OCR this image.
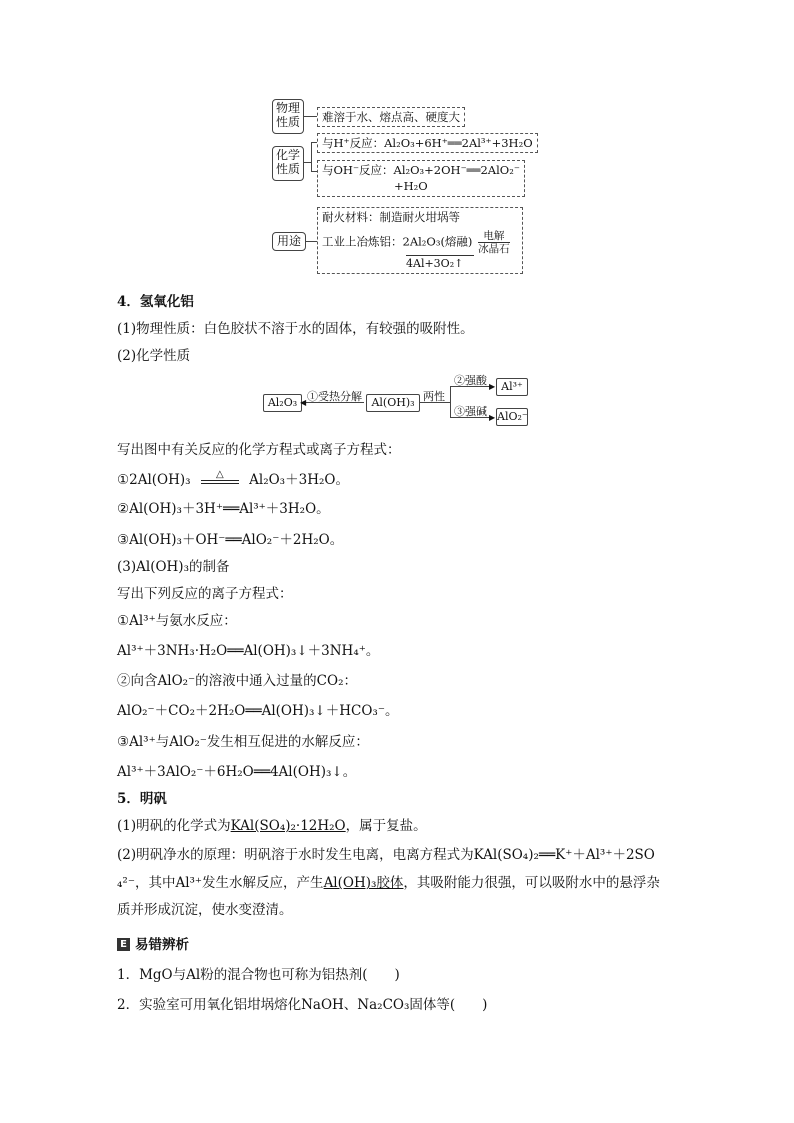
物理性质	难溶于水、熔点高、硬度大
化学性质
与H⁺反应：Al₂O₃+6H⁺══2Al³⁺+3H₂O
与OH⁻反应：Al₂O₃+2OH⁻══2AlO₂⁻
+H₂O
用途
耐火材料：制造耐火坩埚等
工业上冶炼铝：2Al₂O₃(熔融)	电解
冰晶石
4Al+3O₂↑
4．氢氧化铝
(1)物理性质：白色胶状不溶于水的固体，有较强的吸附性。
(2)化学性质
Al₂O₃ ◀ ①受热分解 Al(OH)₃ 两性
▶
▶
②强酸
③强碱
Al³⁺
AlO₂⁻
写出图中有关反应的化学方程式或离子方程式：
①2Al(OH)₃	△	Al₂O₃＋3H₂O。
②Al(OH)₃＋3H⁺══Al³⁺＋3H₂O。
③Al(OH)₃＋OH⁻══AlO₂⁻＋2H₂O。
(3)Al(OH)₃的制备
写出下列反应的离子方程式：
①Al³⁺与氨水反应：
Al³⁺＋3NH₃·H₂O══Al(OH)₃↓＋3NH₄⁺。
②向含AlO₂⁻的溶液中通入过量的CO₂：
AlO₂⁻＋CO₂＋2H₂O══Al(OH)₃↓＋HCO₃⁻。
③Al³⁺与AlO₂⁻发生相互促进的水解反应：
Al³⁺＋3AlO₂⁻＋6H₂O══4Al(OH)₃↓。
5．明矾
(1)明矾的化学式为KAl(SO₄)₂·12H₂O，属于复盐。
(2)明矾净水的原理：明矾溶于水时发生电离，电离方程式为KAl(SO₄)₂══K⁺＋Al³⁺＋2SO
₄²⁻，其中Al³⁺发生水解反应，产生Al(OH)₃胶体，其吸附能力很强，可以吸附水中的悬浮杂
质并形成沉淀，使水变澄清。
E 易错辨析
1．MgO与Al粉的混合物也可称为铝热剂(　　)
2．实验室可用氧化铝坩埚熔化NaOH、Na₂CO₃固体等(　　)
